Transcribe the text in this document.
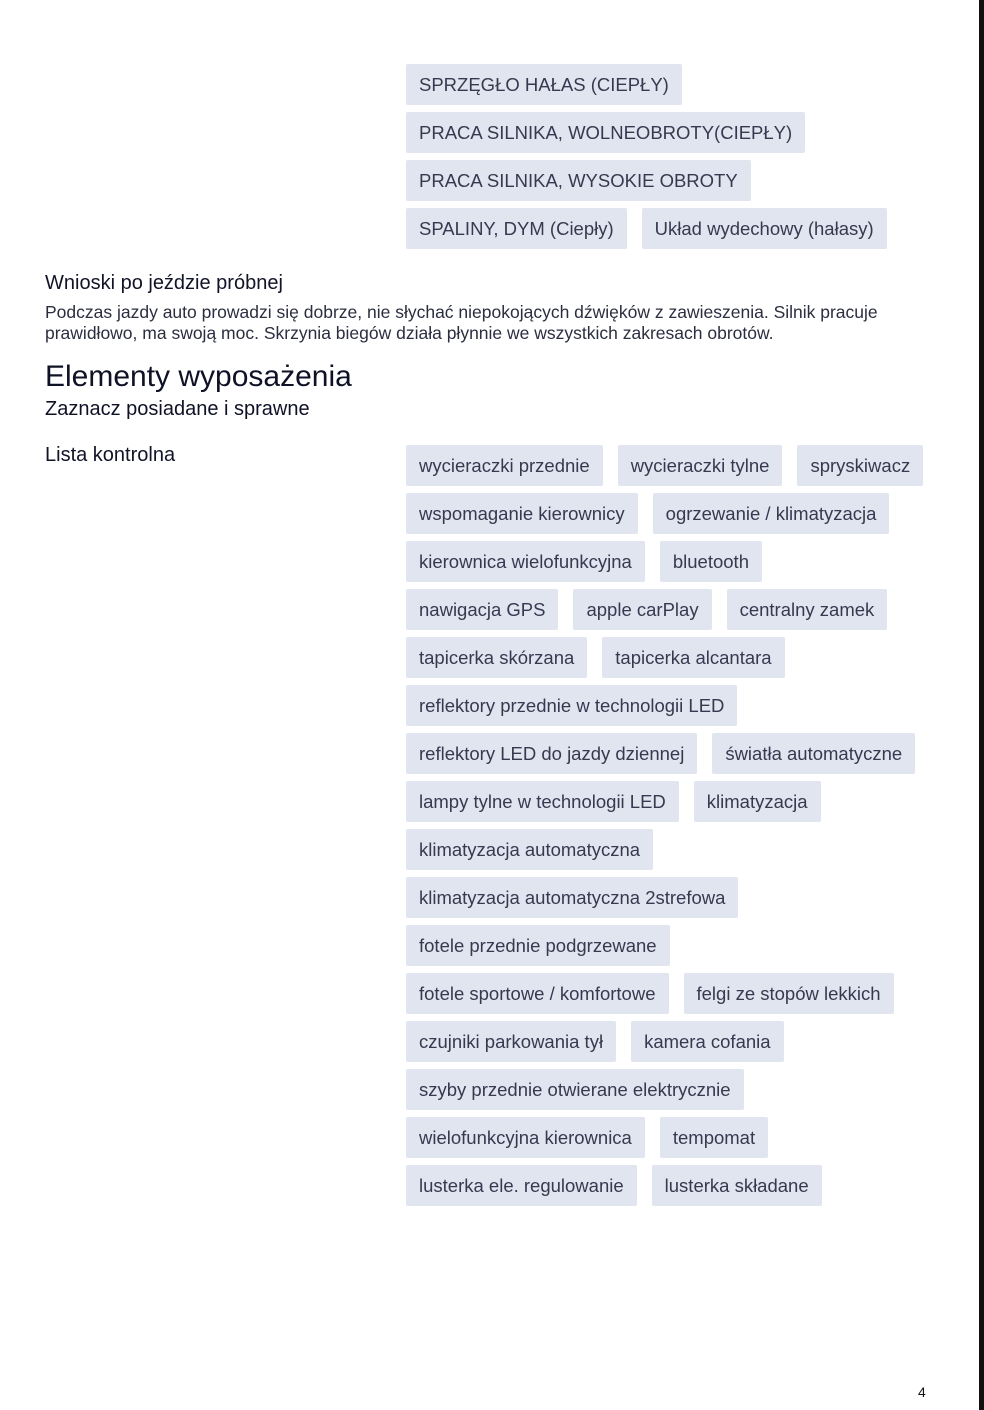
SPRZĘGŁO HAŁAS (CIEPŁY)
PRACA SILNIKA, WOLNEOBROTY(CIEPŁY)
PRACA SILNIKA, WYSOKIE OBROTY
SPALINY, DYM (Ciepły)	Układ wydechowy (hałasy)
Wnioski po jeździe próbnej
Podczas jazdy auto prowadzi się dobrze, nie słychać niepokojących dźwięków z zawieszenia. Silnik pracuje prawidłowo, ma swoją moc. Skrzynia biegów działa płynnie we wszystkich zakresach obrotów.
Elementy wyposażenia
Zaznacz posiadane i sprawne
Lista kontrolna	wycieraczki przednie	wycieraczki tylne	spryskiwacz
wspomaganie kierownicy	ogrzewanie / klimatyzacja
kierownica wielofunkcyjna	bluetooth
nawigacja GPS	apple carPlay	centralny zamek
tapicerka skórzana	tapicerka alcantara
reflektory przednie w technologii LED
reflektory LED do jazdy dziennej	światła automatyczne
lampy tylne w technologii LED	klimatyzacja
klimatyzacja automatyczna
klimatyzacja automatyczna 2strefowa
fotele przednie podgrzewane
fotele sportowe / komfortowe	felgi ze stopów lekkich
czujniki parkowania tył	kamera cofania
szyby przednie otwierane elektrycznie
wielofunkcyjna kierownica	tempomat
lusterka ele. regulowanie	lusterka składane
4
